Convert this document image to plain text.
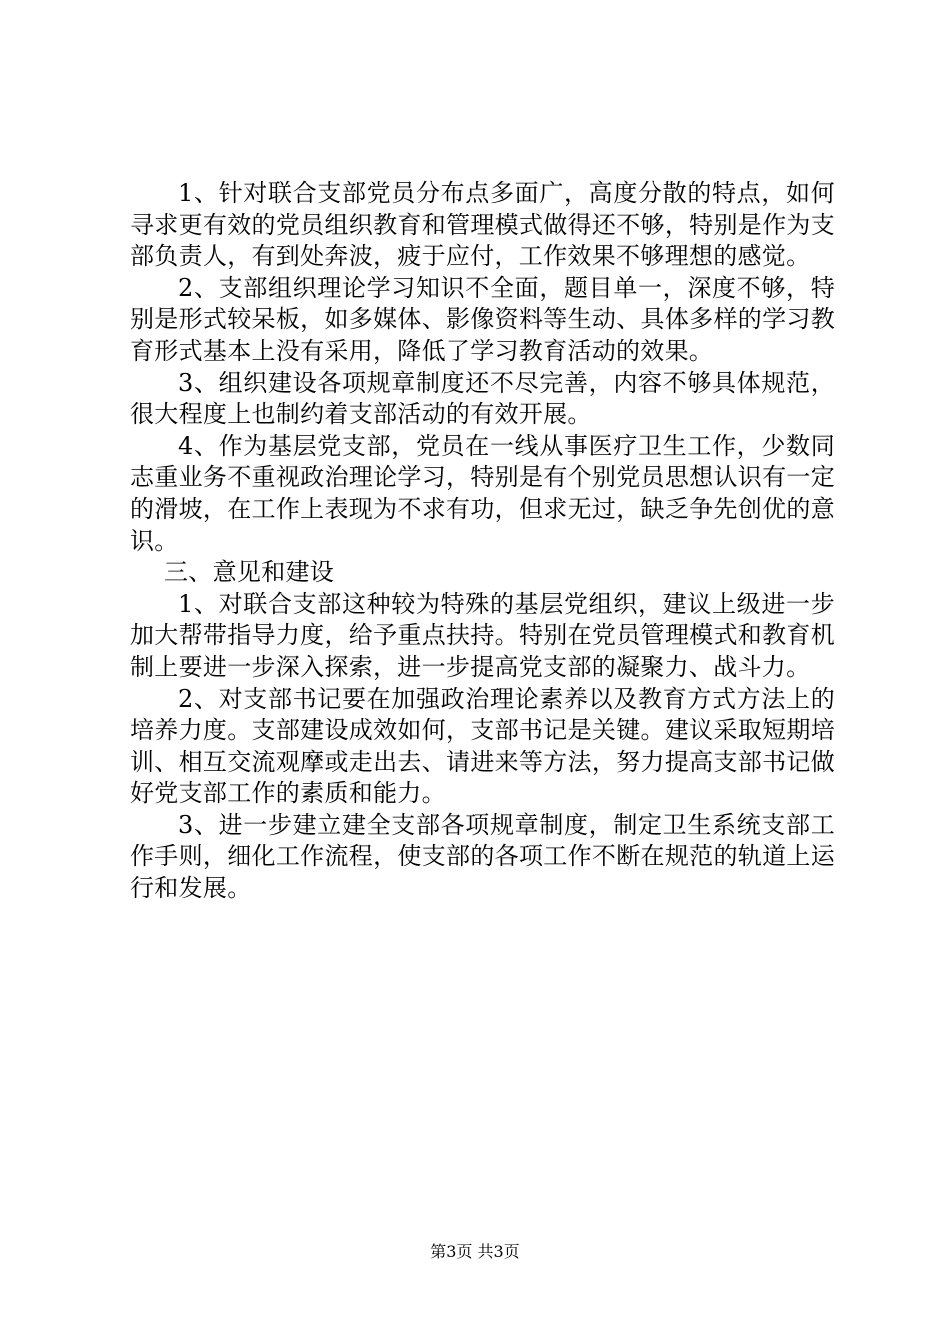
1、针对联合支部党员分布点多面广，高度分散的特点，如何寻求更有效的党员组织教育和管理模式做得还不够，特别是作为支部负责人，有到处奔波，疲于应付，工作效果不够理想的感觉。

2、支部组织理论学习知识不全面，题目单一，深度不够，特别是形式较呆板，如多媒体、影像资料等生动、具体多样的学习教育形式基本上没有采用，降低了学习教育活动的效果。

3、组织建设各项规章制度还不尽完善，内容不够具体规范，很大程度上也制约着支部活动的有效开展。

4、作为基层党支部，党员在一线从事医疗卫生工作，少数同志重业务不重视政治理论学习，特别是有个别党员思想认识有一定的滑坡，在工作上表现为不求有功，但求无过，缺乏争先创优的意识。

三、意见和建设

1、对联合支部这种较为特殊的基层党组织，建议上级进一步加大帮带指导力度，给予重点扶持。特别在党员管理模式和教育机制上要进一步深入探索，进一步提高党支部的凝聚力、战斗力。

2、对支部书记要在加强政治理论素养以及教育方式方法上的培养力度。支部建设成效如何，支部书记是关键。建议采取短期培训、相互交流观摩或走出去、请进来等方法，努力提高支部书记做好党支部工作的素质和能力。

3、进一步建立建全支部各项规章制度，制定卫生系统支部工作手则，细化工作流程，使支部的各项工作不断在规范的轨道上运行和发展。

第3页 共3页
